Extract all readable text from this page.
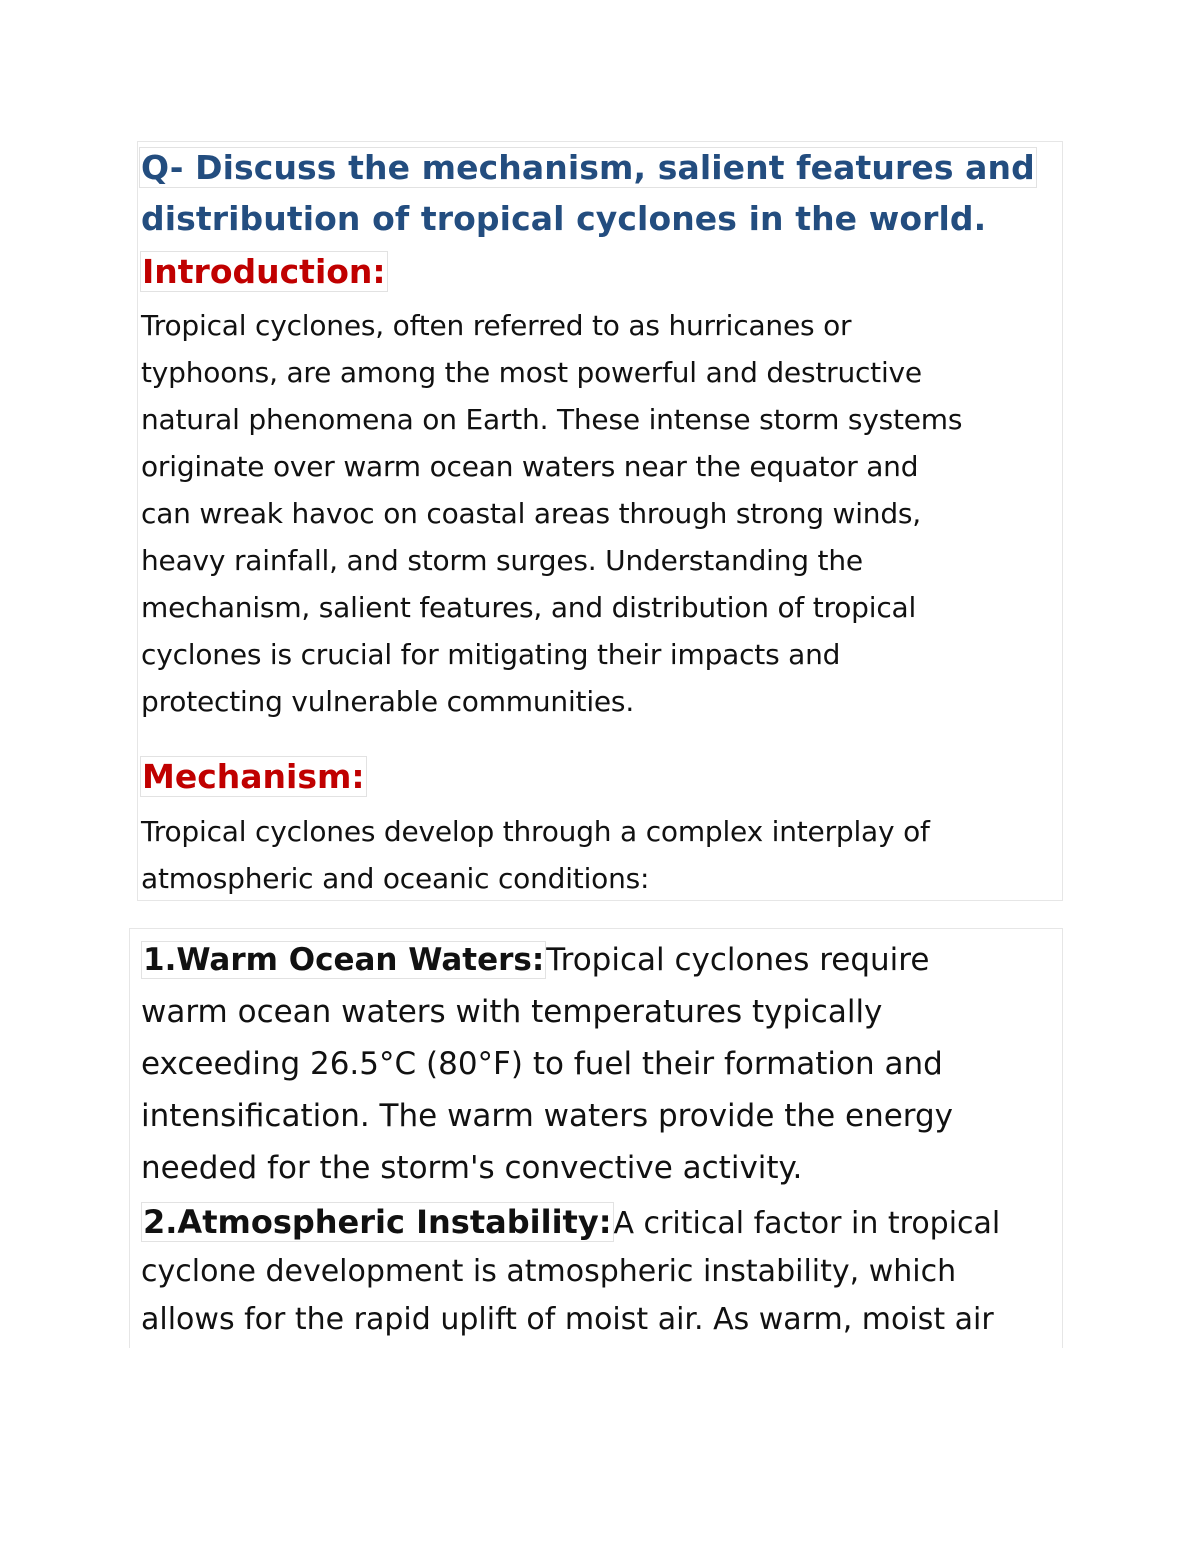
Q- Discuss the mechanism, salient features and
distribution of tropical cyclones in the world.
Introduction:
Tropical cyclones, often referred to as hurricanes or
typhoons, are among the most powerful and destructive
natural phenomena on Earth. These intense storm systems
originate over warm ocean waters near the equator and
can wreak havoc on coastal areas through strong winds,
heavy rainfall, and storm surges. Understanding the
mechanism, salient features, and distribution of tropical
cyclones is crucial for mitigating their impacts and
protecting vulnerable communities.
Mechanism:
Tropical cyclones develop through a complex interplay of
atmospheric and oceanic conditions:
1.Warm Ocean Waters:Tropical cyclones require
warm ocean waters with temperatures typically
exceeding 26.5°C (80°F) to fuel their formation and
intensification. The warm waters provide the energy
needed for the storm's convective activity.
2.Atmospheric Instability:A critical factor in tropical
cyclone development is atmospheric instability, which
allows for the rapid uplift of moist air. As warm, moist air
